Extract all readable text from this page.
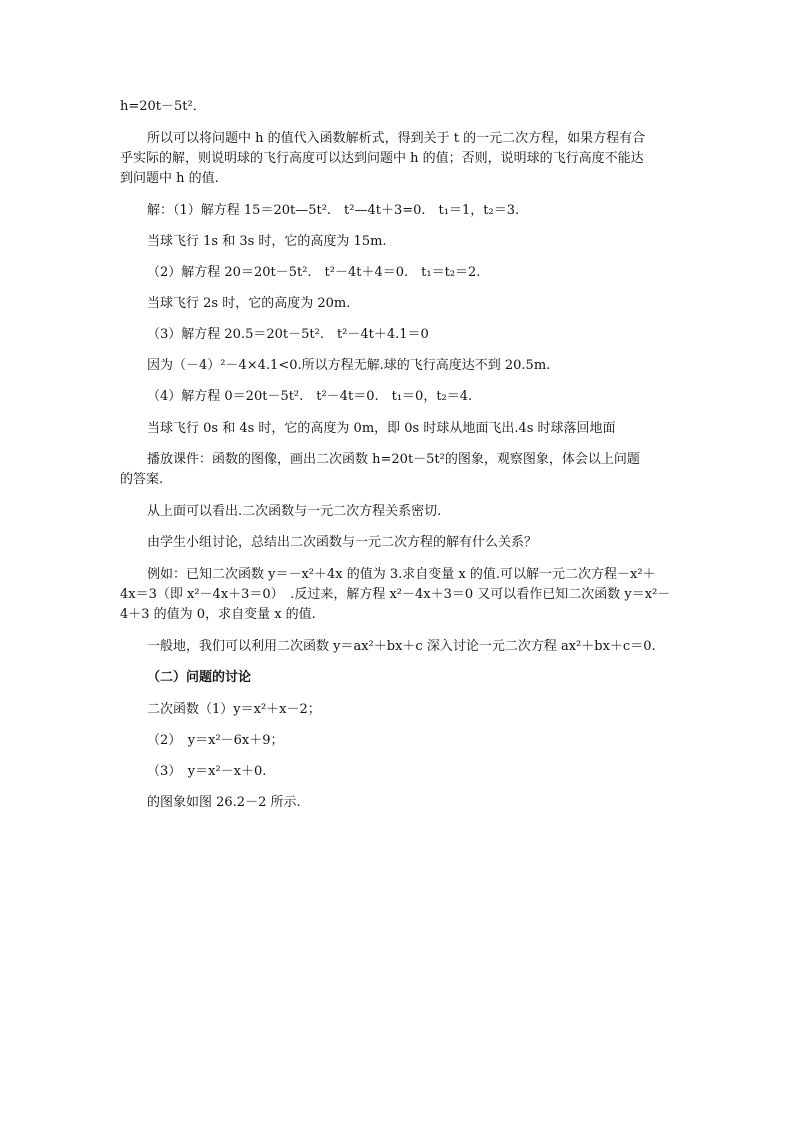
h=20t－5t²．

所以可以将问题中 h 的值代入函数解析式，得到关于 t 的一元二次方程，如果方程有合

乎实际的解，则说明球的飞行高度可以达到问题中 h 的值；否则，说明球的飞行高度不能达

到问题中 h 的值.

解：（1）解方程 15＝20t—5t².　t²—4t＋3=0.　t₁＝1，t₂＝3.

当球飞行 1s 和 3s 时，它的高度为 15m.

（2）解方程 20＝20t－5t².　t²－4t＋4＝0.　t₁＝t₂＝2.

当球飞行 2s 时，它的高度为 20m.

（3）解方程 20.5＝20t－5t².　t²－4t＋4.1＝0

因为（－4）²－4×4.1<0.所以方程无解.球的飞行高度达不到 20.5m.

（4）解方程 0＝20t－5t².　t²－4t＝0.　t₁＝0，t₂＝4.

当球飞行 0s 和 4s 时，它的高度为 0m，即 0s 时球从地面飞出.4s 时球落回地面

播放课件：函数的图像，画出二次函数 h=20t－5t²的图象，观察图象，体会以上问题

的答案.

从上面可以看出.二次函数与一元二次方程关系密切.

由学生小组讨论，总结出二次函数与一元二次方程的解有什么关系？

例如：已知二次函数 y＝－x²＋4x 的值为 3.求自变量 x 的值.可以解一元二次方程－x²＋

4x＝3（即 x²－4x＋3＝0）　.反过来，解方程 x²－4x＋3＝0 又可以看作已知二次函数 y＝x²－

4＋3 的值为 0，求自变量 x 的值.

一般地，我们可以利用二次函数 y＝ax²＋bx＋c 深入讨论一元二次方程 ax²＋bx＋c＝0.

（二）问题的讨论

二次函数（1）y＝x²＋x－2；

（2）　y＝x²－6x＋9；

（3）　y＝x²－x＋0.

的图象如图 26.2－2 所示.
